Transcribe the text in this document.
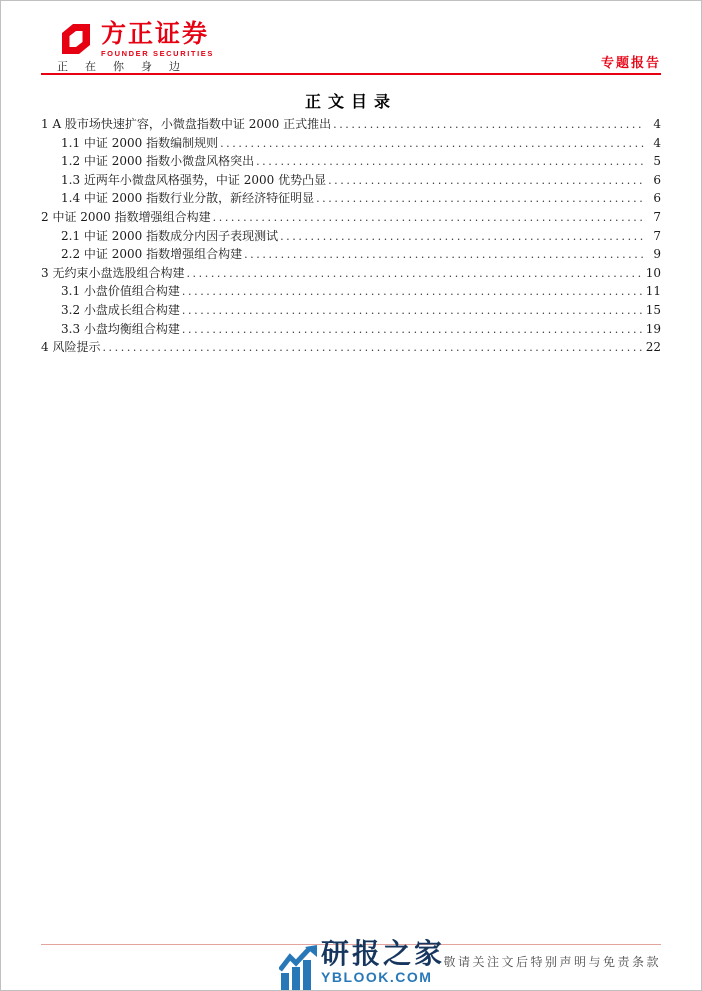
方正证券
FOUNDER SECURITIES
正在你身边	专题报告
正文目录
1 A 股市场快速扩容，小微盘指数中证 2000 正式推出 .....	4
1.1 中证 2000 指数编制规则 .....	4
1.2 中证 2000 指数小微盘风格突出 .....	5
1.3 近两年小微盘风格强势，中证 2000 优势凸显 .....	6
1.4 中证 2000 指数行业分散，新经济特征明显 .....	6
2 中证 2000 指数增强组合构建 .....	7
2.1 中证 2000 指数成分内因子表现测试 .....	7
2.2 中证 2000 指数增强组合构建 .....	9
3 无约束小盘选股组合构建 .....	10
3.1 小盘价值组合构建 .....	11
3.2 小盘成长组合构建 .....	15
3.3 小盘均衡组合构建 .....	19
4 风险提示 .....	22
研报之家
YBLOOK.COM
敬请关注文后特别声明与免责条款
